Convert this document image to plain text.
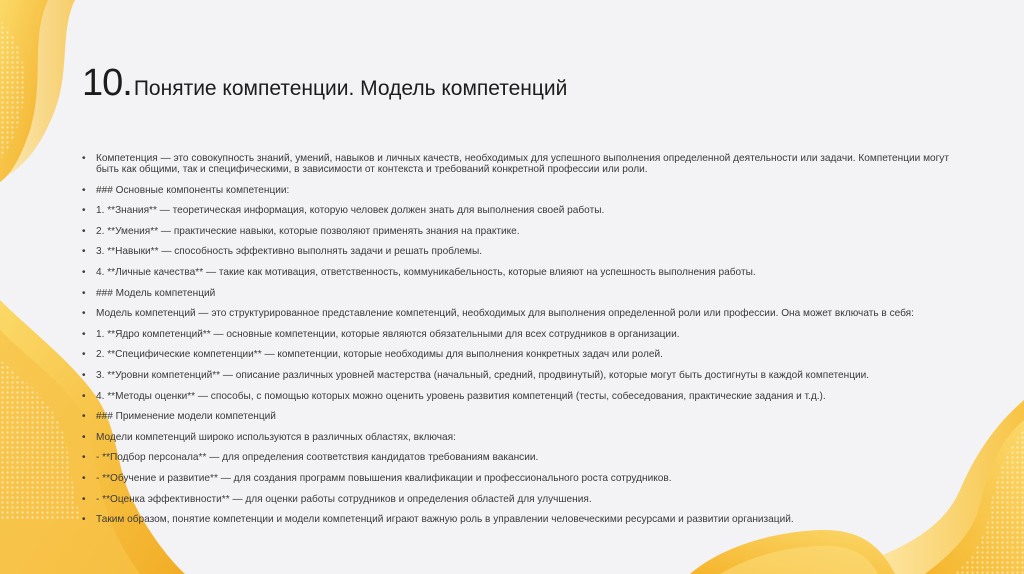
10.Понятие компетенции. Модель компетенций
• Компетенция — это совокупность знаний, умений, навыков и личных качеств, необходимых для успешного выполнения определенной деятельности или задачи. Компетенции могут быть как общими, так и специфическими, в зависимости от контекста и требований конкретной профессии или роли.
• ### Основные компоненты компетенции:
• 1. **Знания** — теоретическая информация, которую человек должен знать для выполнения своей работы.
• 2. **Умения** — практические навыки, которые позволяют применять знания на практике.
• 3. **Навыки** — способность эффективно выполнять задачи и решать проблемы.
• 4. **Личные качества** — такие как мотивация, ответственность, коммуникабельность, которые влияют на успешность выполнения работы.
• ### Модель компетенций
• Модель компетенций — это структурированное представление компетенций, необходимых для выполнения определенной роли или профессии. Она может включать в себя:
• 1. **Ядро компетенций** — основные компетенции, которые являются обязательными для всех сотрудников в организации.
• 2. **Специфические компетенции** — компетенции, которые необходимы для выполнения конкретных задач или ролей.
• 3. **Уровни компетенций** — описание различных уровней мастерства (начальный, средний, продвинутый), которые могут быть достигнуты в каждой компетенции.
• 4. **Методы оценки** — способы, с помощью которых можно оценить уровень развития компетенций (тесты, собеседования, практические задания и т.д.).
• ### Применение модели компетенций
• Модели компетенций широко используются в различных областях, включая:
• - **Подбор персонала** — для определения соответствия кандидатов требованиям вакансии.
• - **Обучение и развитие** — для создания программ повышения квалификации и профессионального роста сотрудников.
• - **Оценка эффективности** — для оценки работы сотрудников и определения областей для улучшения.
• Таким образом, понятие компетенции и модели компетенций играют важную роль в управлении человеческими ресурсами и развитии организаций.
